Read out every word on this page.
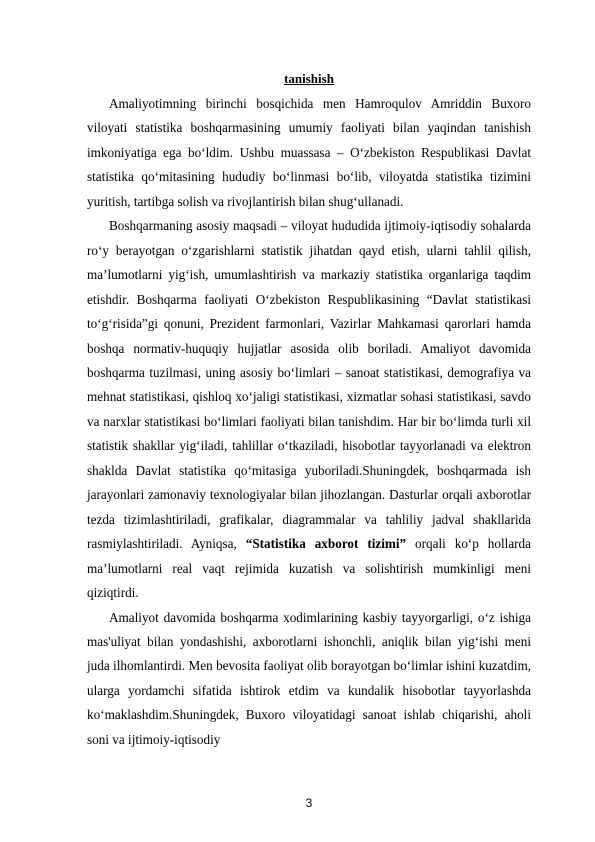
tanishish

Amaliyotimning birinchi bosqichida men Hamroqulov Amriddin Buxoro viloyati statistika boshqarmasining umumiy faoliyati bilan yaqindan tanishish imkoniyatiga ega bo‘ldim. Ushbu muassasa – O‘zbekiston Respublikasi Davlat statistika qo‘mitasining hududiy bo‘linmasi bo‘lib, viloyatda statistika tizimini yuritish, tartibga solish va rivojlantirish bilan shug‘ullanadi.

Boshqarmaning asosiy maqsadi – viloyat hududida ijtimoiy-iqtisodiy sohalarda ro‘y berayotgan o‘zgarishlarni statistik jihatdan qayd etish, ularni tahlil qilish, ma’lumotlarni yig‘ish, umumlashtirish va markaziy statistika organlariga taqdim etishdir. Boshqarma faoliyati O‘zbekiston Respublikasining “Davlat statistikasi to‘g‘risida”gi qonuni, Prezident farmonlari, Vazirlar Mahkamasi qarorlari hamda boshqa normativ-huquqiy hujjatlar asosida olib boriladi. Amaliyot davomida boshqarma tuzilmasi, uning asosiy bo‘limlari – sanoat statistikasi, demografiya va mehnat statistikasi, qishloq xo‘jaligi statistikasi, xizmatlar sohasi statistikasi, savdo va narxlar statistikasi bo‘limlari faoliyati bilan tanishdim. Har bir bo‘limda turli xil statistik shakllar yig‘iladi, tahlillar o‘tkaziladi, hisobotlar tayyorlanadi va elektron shaklda Davlat statistika qo‘mitasiga yuboriladi.Shuningdek, boshqarmada ish jarayonlari zamonaviy texnologiyalar bilan jihozlangan. Dasturlar orqali axborotlar tezda tizimlashtiriladi, grafikalar, diagrammalar va tahliliy jadval shakllarida rasmiylashtiriladi. Ayniqsa, “Statistika axborot tizimi” orqali ko‘p hollarda ma’lumotlarni real vaqt rejimida kuzatish va solishtirish mumkinligi meni qiziqtirdi.

Amaliyot davomida boshqarma xodimlarining kasbiy tayyorgarligi, o‘z ishiga mas'uliyat bilan yondashishi, axborotlarni ishonchli, aniqlik bilan yig‘ishi meni juda ilhomlantirdi. Men bevosita faoliyat olib borayotgan bo‘limlar ishini kuzatdim, ularga yordamchi sifatida ishtirok etdim va kundalik hisobotlar tayyorlashda ko‘maklashdim.Shuningdek, Buxoro viloyatidagi sanoat ishlab chiqarishi, aholi soni va ijtimoiy-iqtisodiy

3
